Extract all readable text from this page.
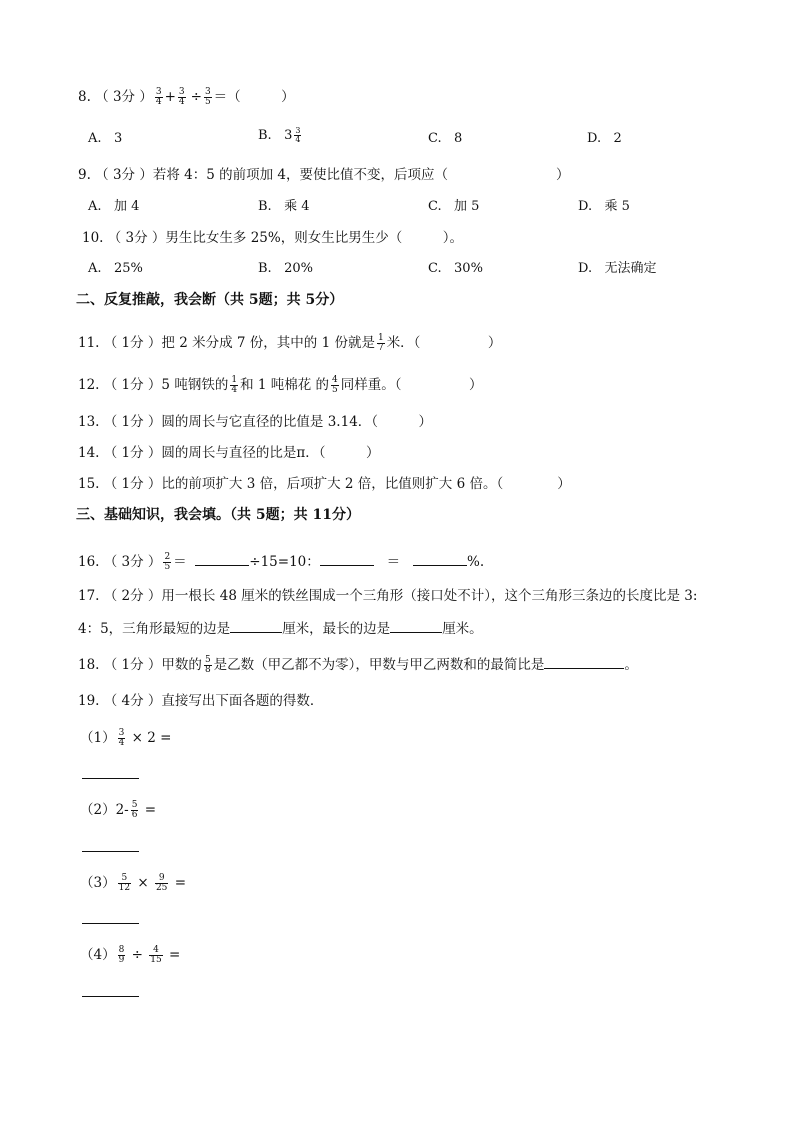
8. （ 3分 ） $\frac{3}{4} + \frac{3}{4} \div \frac{3}{5}$ ＝（　　　）
A. 3	B. $3 \frac{3}{4}$	C. 8	D. 2
9. （ 3分 ）若将 4：5 的前项加 4，要使比值不变，后项应（　　　　　　　　）
A. 加 4	B. 乘 4	C. 加 5	D. 乘 5
10. （ 3分 ）男生比女生多 25%，则女生比男生少（　　　）。
A. 25%	B. 20%	C. 30%	D. 无法确定
二、反复推敲，我会断（共 5题；共 5分）
11. （ 1分 ）把 2 米分成 7 份，其中的 1 份就是 $\frac{1}{7}$ 米．（　　　　　）
12. （ 1分 ）5 吨钢铁的 $\frac{1}{4}$ 和 1 吨棉花 的 $\frac{4}{5}$ 同样重。（　　　　　）
13. （ 1分 ）圆的周长与它直径的比值是 3.14．（　　　）
14. （ 1分 ）圆的周长与直径的比是π．（　　　）
15. （ 1分 ）比的前项扩大 3 倍，后项扩大 2 倍，比值则扩大 6 倍。（　　　　）
三、基础知识，我会填。（共 5题；共 11分）
16. （ 3分 ） $\frac{2}{5}$ ＝	÷15=10：	＝	%.
17. （ 2分 ）用一根长 48 厘米的铁丝围成一个三角形（接口处不计），这个三角形三条边的长度比是 3:
4：5，三角形最短的边是	厘米，最长的边是	厘米。
18. （ 1分 ）甲数的 $\frac{5}{8}$ 是乙数（甲乙都不为零），甲数与甲乙两数和的最简比是	。
19. （ 4分 ）直接写出下面各题的得数．
$(1) \frac{3}{4} \times 2$ =
$(2)2- \frac{5}{6}$ =
$(3) \frac{5}{12} \times \frac{9}{25}$ =
$(4) \frac{8}{9} \div \frac{4}{15}$ =
